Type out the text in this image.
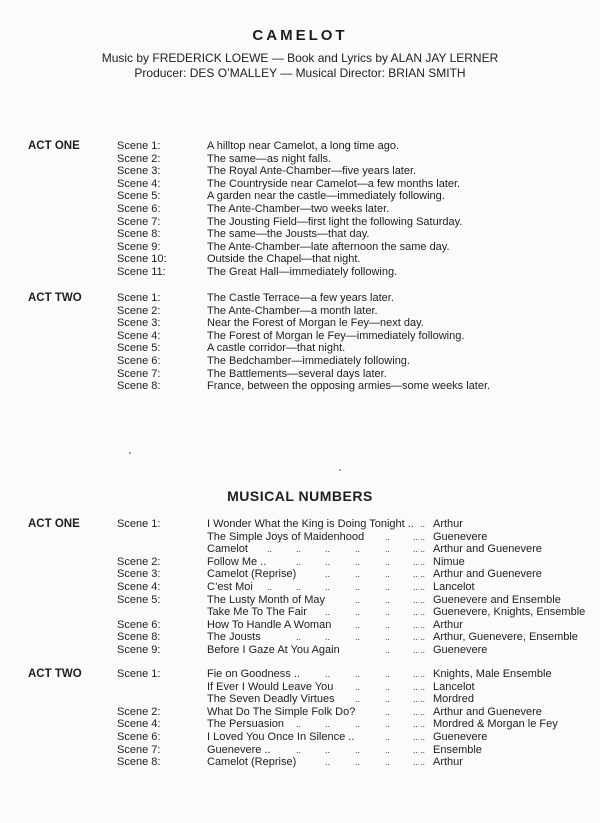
CAMELOT
Music by FREDERICK LOEWE — Book and Lyrics by ALAN JAY LERNER
Producer: DES O’MALLEY — Musical Director: BRIAN SMITH
ACT ONE	Scene 1:	A hilltop near Camelot, a long time ago.
Scene 2:	The same—as night falls.
Scene 3:	The Royal Ante-Chamber—five years later.
Scene 4:	The Countryside near Camelot—a few months later.
Scene 5:	A garden near the castle—immediately following.
Scene 6:	The Ante-Chamber—two weeks later.
Scene 7:	The Jousting Field—first light the following Saturday.
Scene 8:	The same—the Jousts—that day.
Scene 9:	The Ante-Chamber—late afternoon the same day.
Scene 10:	Outside the Chapel—that night.
Scene 11:	The Great Hall—immediately following.
ACT TWO	Scene 1:	The Castle Terrace—a few years later.
Scene 2:	The Ante-Chamber—a month later.
Scene 3:	Near the Forest of Morgan le Fey—next day.
Scene 4:	The Forest of Morgan le Fey—immediately following.
Scene 5:	A castle corridor—that night.
Scene 6:	The Bedchamber—immediately following.
Scene 7:	The Battlements—several days later.
Scene 8:	France, between the opposing armies—some weeks later.
MUSICAL NUMBERS
ACT ONE	Scene 1:	I Wonder What the King is Doing Tonight .. .. Arthur
The Simple Joys of Maidenhood ..	.. .. Guenevere
Camelot ..	..	..	..	..	.. .. Arthur and Guenevere
Scene 2:	Follow Me ..	..	..	..	..	.. .. Nimue
Scene 3:	Camelot (Reprise)	..	..	..	.. .. Arthur and Guenevere
Scene 4:	C’est Moi ..	..	..	..	..	.. .. Lancelot
Scene 5:	The Lusty Month of May	..	..	.. .. Guenevere and Ensemble
Take Me To The Fair ..	..	..	.. .. Guenevere, Knights, Ensemble
Scene 6:	How To Handle A Woman	..	..	.. .. Arthur
Scene 8:	The Jousts	..	..	..	..	.. .. Arthur, Guenevere, Ensemble
Scene 9:	Before I Gaze At You Again	..	.. .. Guenevere
ACT TWO	Scene 1:	Fie on Goodness ..	..	..	..	.. .. Knights, Male Ensemble
If Ever I Would Leave You ..	..	.. .. Lancelot
The Seven Deadly Virtues ..	..	.. .. Mordred
Scene 2:	What Do The Simple Folk Do?	..	.. .. Arthur and Guenevere
Scene 4:	The Persuasion ..	..	..	..	.. .. Mordred & Morgan le Fey
Scene 6:	I Loved You Once In Silence ..	..	.. .. Guenevere
Scene 7:	Guenevere ..	..	..	..	..	.. .. Ensemble
Scene 8:	Camelot (Reprise)	..	..	..	.. .. Arthur
